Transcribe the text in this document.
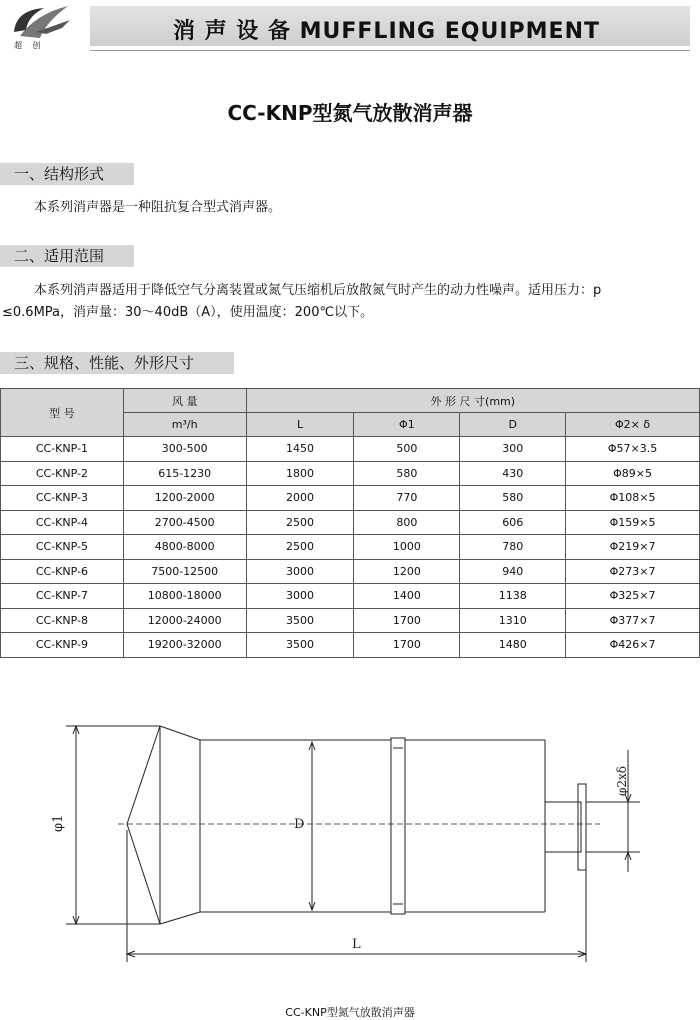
超 创
消 声 设 备 MUFFLING EQUIPMENT
CC-KNP型氮气放散消声器
一、结构形式
本系列消声器是一种阻抗复合型式消声器。
二、适用范围
本系列消声器适用于降低空气分离装置或氮气压缩机后放散氮气时产生的动力性噪声。适用压力：p
≤0.6MPa，消声量：30～40dB（A），使用温度：200℃以下。
三、规格、性能、外形尺寸
型 号	风 量	外 形 尺 寸(mm)			
	m³/h	L	Φ1	D	Φ2× δ
CC-KNP-1	300-500	1450	500	300	Φ57×3.5
CC-KNP-2	615-1230	1800	580	430	Φ89×5
CC-KNP-3	1200-2000	2000	770	580	Φ108×5
CC-KNP-4	2700-4500	2500	800	606	Φ159×5
CC-KNP-5	4800-8000	2500	1000	780	Φ219×7
CC-KNP-6	7500-12500	3000	1200	940	Φ273×7
CC-KNP-7	10800-18000	3000	1400	1138	Φ325×7
CC-KNP-8	12000-24000	3500	1700	1310	Φ377×7
CC-KNP-9	19200-32000	3500	1700	1480	Φ426×7
φ1	D
φ2xδ
L
CC-KNP型氮气放散消声器
